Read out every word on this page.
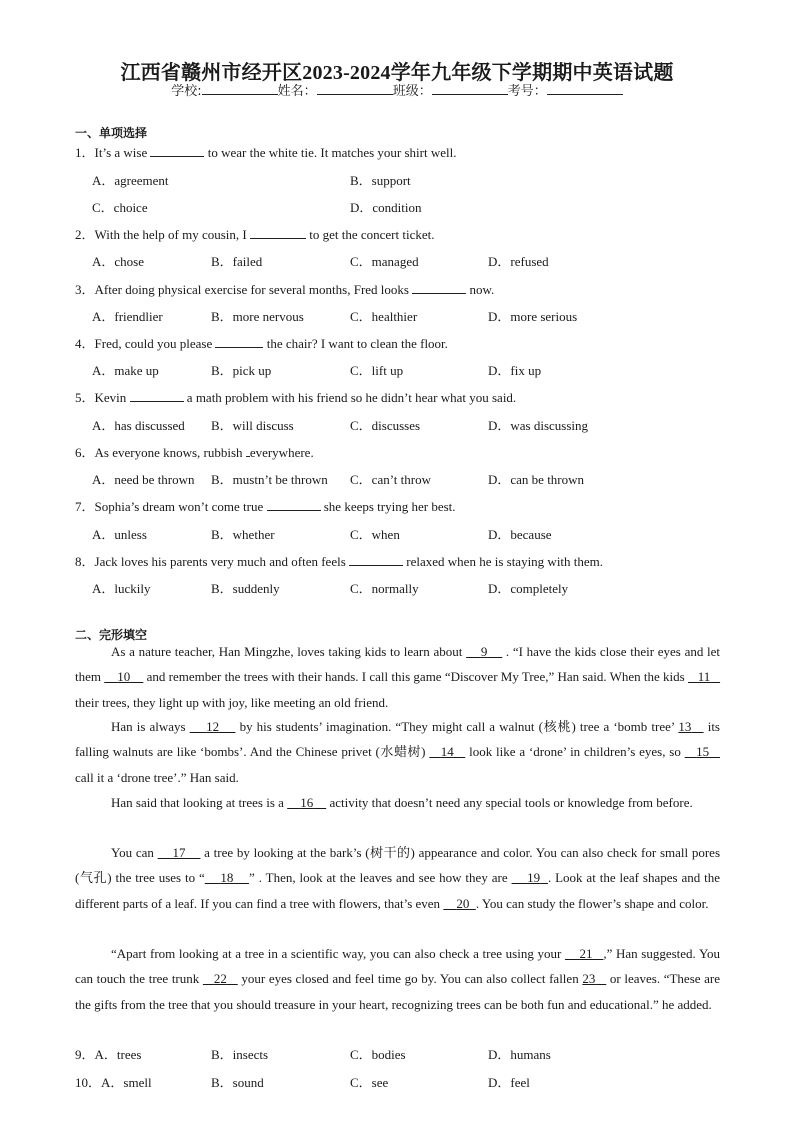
江西省赣州市经开区2023-2024学年九年级下学期期中英语试题
学校:	姓名：	班级：	考号：
一、单项选择
1．It’s a wise	to wear the white tie. It matches your shirt well.
A．agreement	B．support
C．choice	D．condition
2．With the help of my cousin, I	to get the concert ticket.
A．chose	B．failed	C．managed	D．refused
3．After doing physical exercise for several months, Fred looks	now.
A．friendlier	B．more nervous	C．healthier	D．more serious
4．Fred, could you please	the chair? I want to clean the floor.
A．make up	B．pick up	C．lift up	D．fix up
5．Kevin	a math problem with his friend so he didn’t hear what you said.
A．has discussed B．will discuss	C．discusses	D．was discussing
6．As everyone knows, rubbish everywhere.
A．need be thrown B．mustn’t be thrown C．can’t throw	D．can be thrown
7．Sophia’s dream won’t come true	she keeps trying her best.
A．unless	B．whether	C．when	D．because
8．Jack loves his parents very much and often feels	relaxed when he is staying with them.
A．luckily	B．suddenly	C．normally	D．completely
二、完形填空
As a nature teacher, Han Mingzhe, loves taking kids to learn about 9 . “I have the kids close their eyes and let them 10 and remember the trees with their hands. I call this game “Discover My Tree,” Han said. When the kids 11    their trees, they light up with joy, like meeting an old friend.
Han is always 12 by his students’ imagination. “They might call a walnut (核桃) tree a ‘bomb tree’ 13 its falling walnuts are like ‘bombs’. And the Chinese privet (水蜡树) 14 look like a ‘drone’ in children’s eyes, so 15    call it a ‘drone tree’.” Han said.
Han said that looking at trees is a 16 activity that doesn’t need any special tools or knowledge from before.
You can 17 a tree by looking at the bark’s (树干的) appearance and color. You can also check for small pores (气孔) the tree uses to “ 18 ” . Then, look at the leaves and see how they are 19 . Look at the leaf shapes and the different parts of a leaf. If you can find a tree with flowers, that’s even 20 . You can study the flower’s shape and color.
“Apart from looking at a tree in a scientific way, you can also check a tree using your 21 ,” Han suggested. You can touch the tree trunk 22 your eyes closed and feel time go by. You can also collect fallen 23 or leaves. “These are the gifts from the tree that you should treasure in your heart, recognizing trees can be both fun and educational.” he added.
9．A．trees	B．insects	C．bodies	D．humans
10．A．smell	B．sound	C．see	D．feel
